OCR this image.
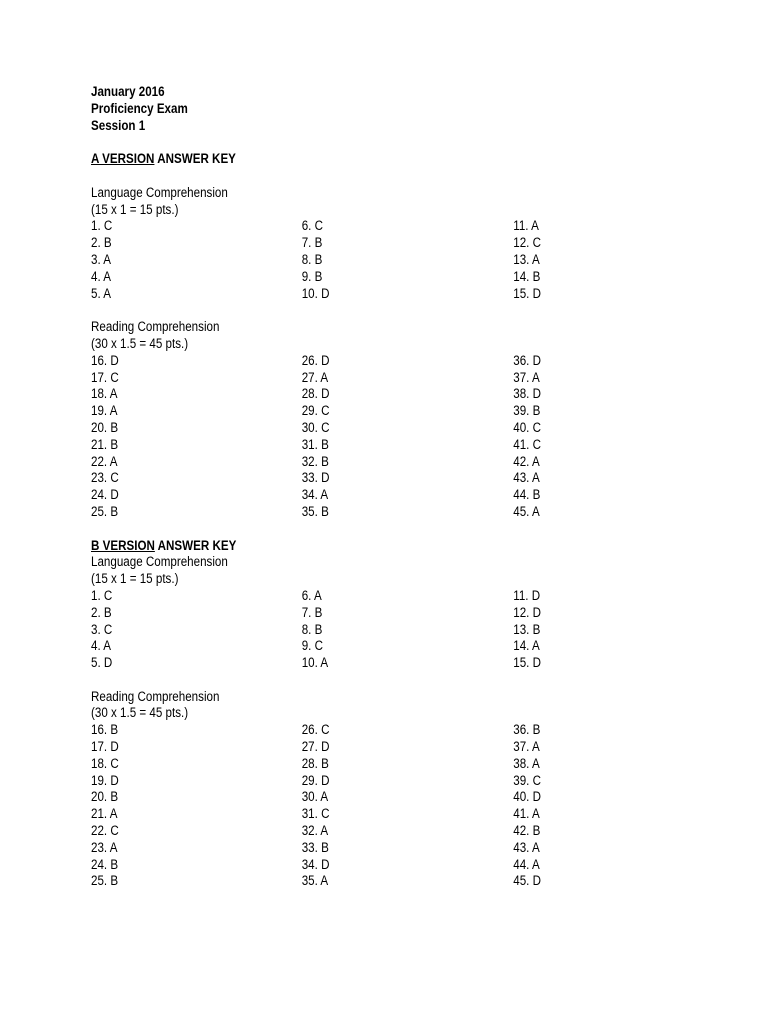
January 2016
Proficiency Exam
Session 1
A VERSION ANSWER KEY
Language Comprehension
(15 x 1 = 15 pts.)
1. C	6. C	11. A
2. B	7. B	12. C
3. A	8. B	13. A
4. A	9. B	14. B
5. A	10. D	15. D
Reading Comprehension
(30 x 1.5 = 45 pts.)
16. D	26. D	36. D
17. C	27. A	37. A
18. A	28. D	38. D
19. A	29. C	39. B
20. B	30. C	40. C
21. B	31. B	41. C
22. A	32. B	42. A
23. C	33. D	43. A
24. D	34. A	44. B
25. B	35. B	45. A
B VERSION ANSWER KEY
Language Comprehension
(15 x 1 = 15 pts.)
1. C	6. A	11. D
2. B	7. B	12. D
3. C	8. B	13. B
4. A	9. C	14. A
5. D	10. A	15. D
Reading Comprehension
(30 x 1.5 = 45 pts.)
16. B	26. C	36. B
17. D	27. D	37. A
18. C	28. B	38. A
19. D	29. D	39. C
20. B	30. A	40. D
21. A	31. C	41. A
22. C	32. A	42. B
23. A	33. B	43. A
24. B	34. D	44. A
25. B	35. A	45. D
